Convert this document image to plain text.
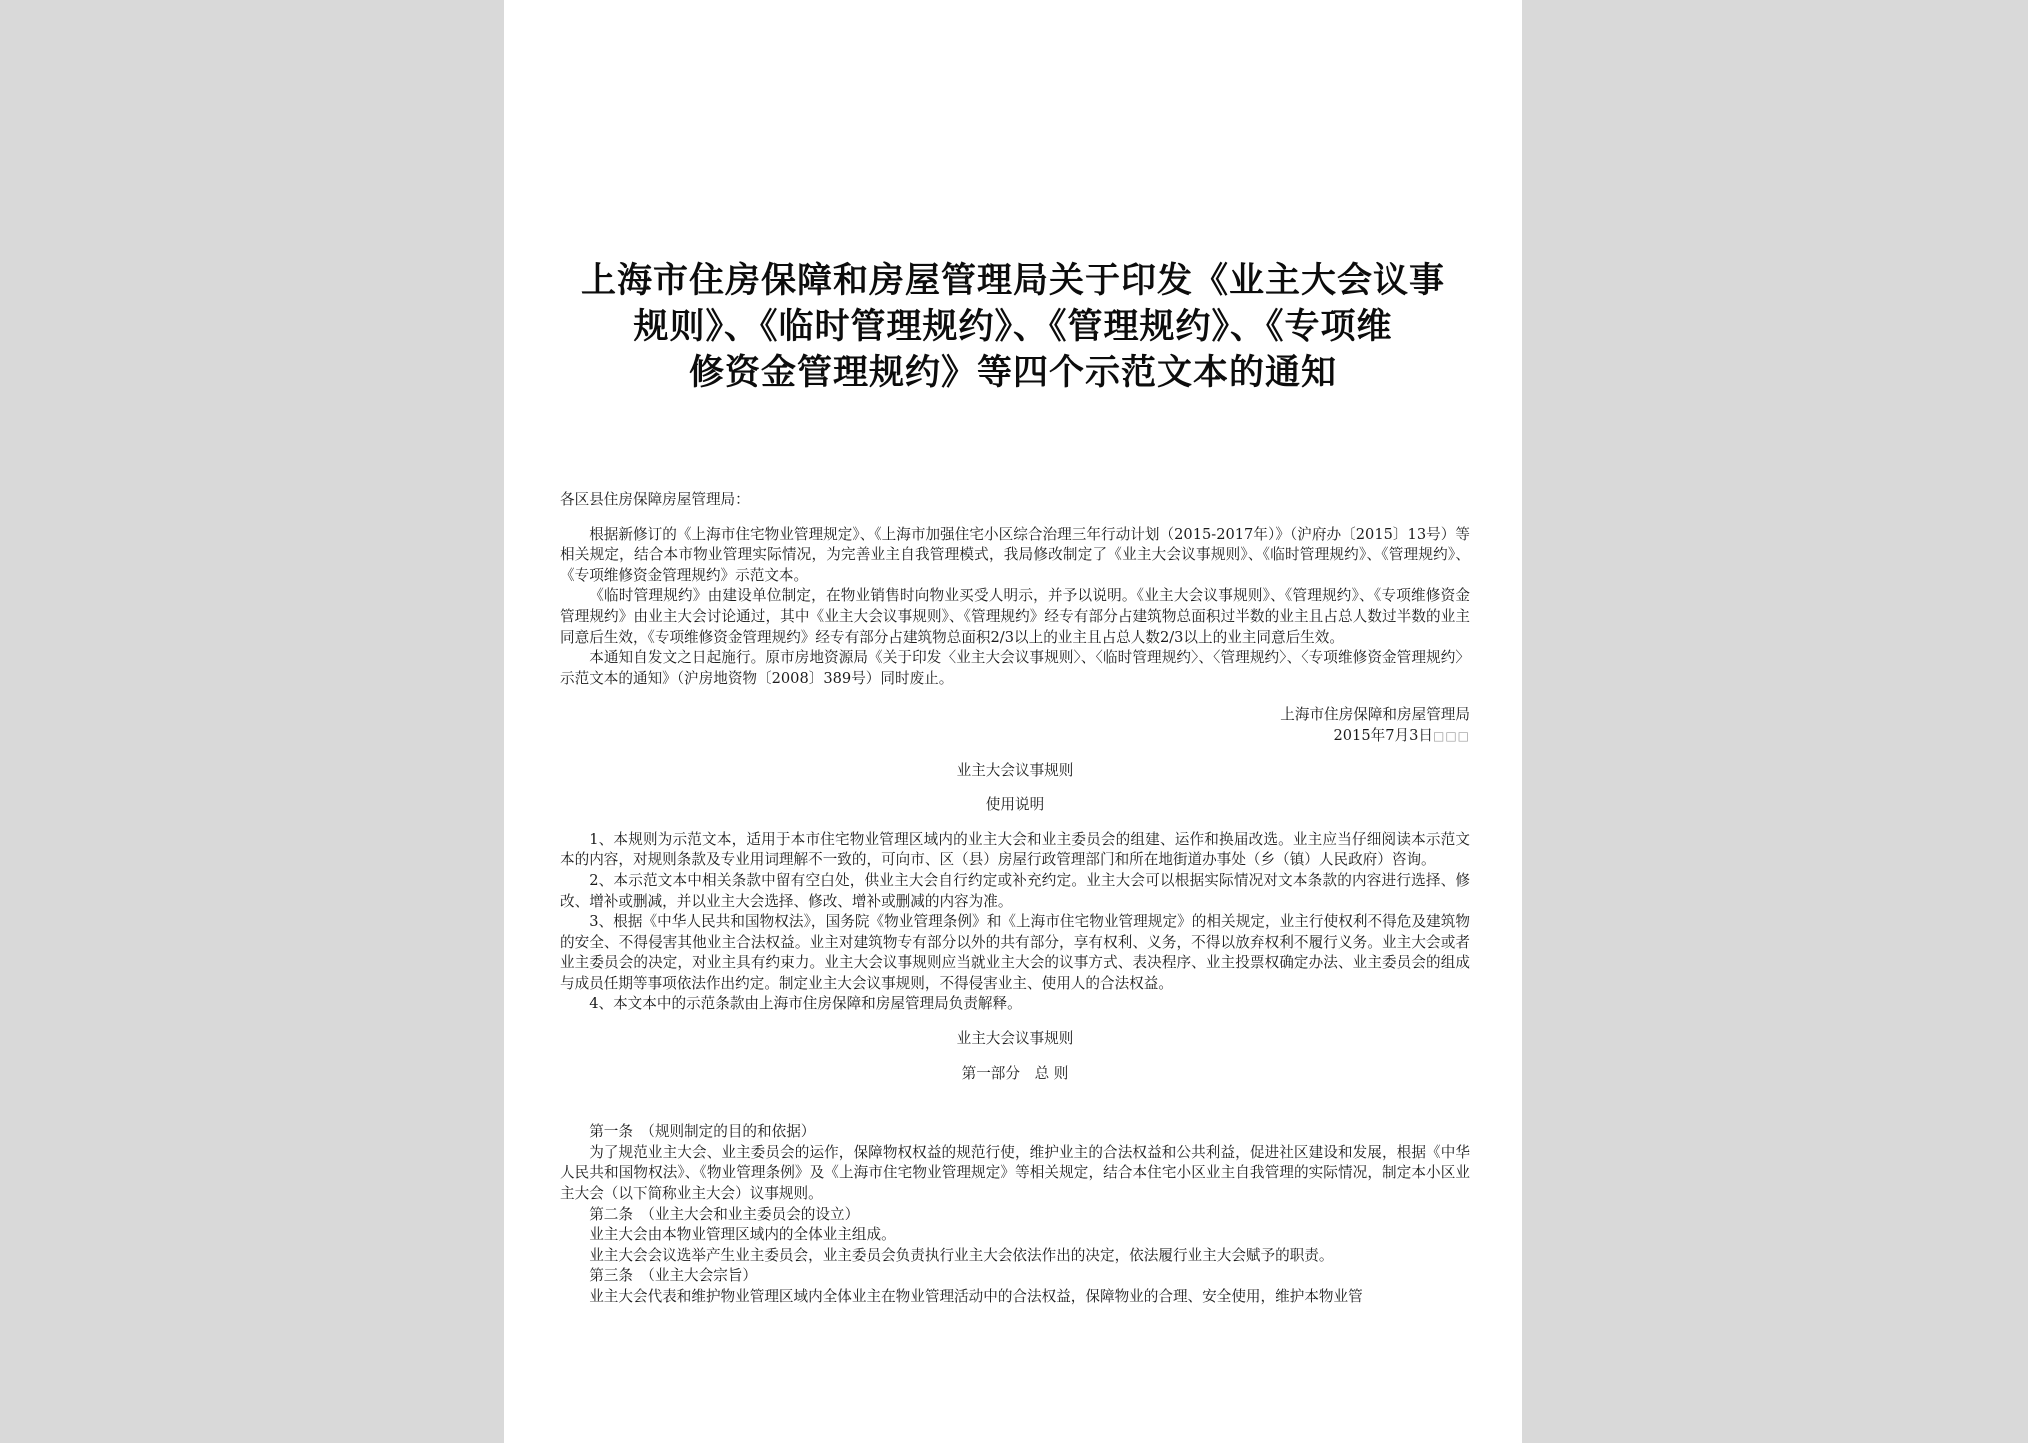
上海市住房保障和房屋管理局关于印发《业主大会议事
规则》、《临时管理规约》、《管理规约》、《专项维
修资金管理规约》等四个示范文本的通知

各区县住房保障房屋管理局：

根据新修订的《上海市住宅物业管理规定》、《上海市加强住宅小区综合治理三年行动计划（2015-2017年）》（沪府办〔2015〕13号）等相关规定，结合本市物业管理实际情况，为完善业主自我管理模式，我局修改制定了《业主大会议事规则》、《临时管理规约》、《管理规约》、《专项维修资金管理规约》示范文本。

《临时管理规约》由建设单位制定，在物业销售时向物业买受人明示，并予以说明。《业主大会议事规则》、《管理规约》、《专项维修资金管理规约》由业主大会讨论通过，其中《业主大会议事规则》、《管理规约》经专有部分占建筑物总面积过半数的业主且占总人数过半数的业主同意后生效，《专项维修资金管理规约》经专有部分占建筑物总面积2/3以上的业主且占总人数2/3以上的业主同意后生效。

本通知自发文之日起施行。原市房地资源局《关于印发〈业主大会议事规则〉、〈临时管理规约〉、〈管理规约〉、〈专项维修资金管理规约〉示范文本的通知》（沪房地资物〔2008〕389号）同时废止。

上海市住房保障和房屋管理局

2015年7月3日□□□

业主大会议事规则

使用说明

1、本规则为示范文本，适用于本市住宅物业管理区域内的业主大会和业主委员会的组建、运作和换届改选。业主应当仔细阅读本示范文本的内容，对规则条款及专业用词理解不一致的，可向市、区（县）房屋行政管理部门和所在地街道办事处（乡（镇）人民政府）咨询。

2、本示范文本中相关条款中留有空白处，供业主大会自行约定或补充约定。业主大会可以根据实际情况对文本条款的内容进行选择、修改、增补或删减，并以业主大会选择、修改、增补或删减的内容为准。

3、根据《中华人民共和国物权法》，国务院《物业管理条例》和《上海市住宅物业管理规定》的相关规定，业主行使权利不得危及建筑物的安全、不得侵害其他业主合法权益。业主对建筑物专有部分以外的共有部分，享有权利、义务，不得以放弃权利不履行义务。业主大会或者业主委员会的决定，对业主具有约束力。业主大会议事规则应当就业主大会的议事方式、表决程序、业主投票权确定办法、业主委员会的组成与成员任期等事项依法作出约定。制定业主大会议事规则，不得侵害业主、使用人的合法权益。

4、本文本中的示范条款由上海市住房保障和房屋管理局负责解释。

业主大会议事规则

第一部分　总 则

第一条　（规则制定的目的和依据）

为了规范业主大会、业主委员会的运作，保障物权权益的规范行使，维护业主的合法权益和公共利益，促进社区建设和发展，根据《中华人民共和国物权法》、《物业管理条例》及《上海市住宅物业管理规定》等相关规定，结合本住宅小区业主自我管理的实际情况，制定本小区业主大会（以下简称业主大会）议事规则。

第二条　（业主大会和业主委员会的设立）

业主大会由本物业管理区域内的全体业主组成。

业主大会会议选举产生业主委员会，业主委员会负责执行业主大会依法作出的决定，依法履行业主大会赋予的职责。

第三条　（业主大会宗旨）

业主大会代表和维护物业管理区域内全体业主在物业管理活动中的合法权益，保障物业的合理、安全使用，维护本物业管
